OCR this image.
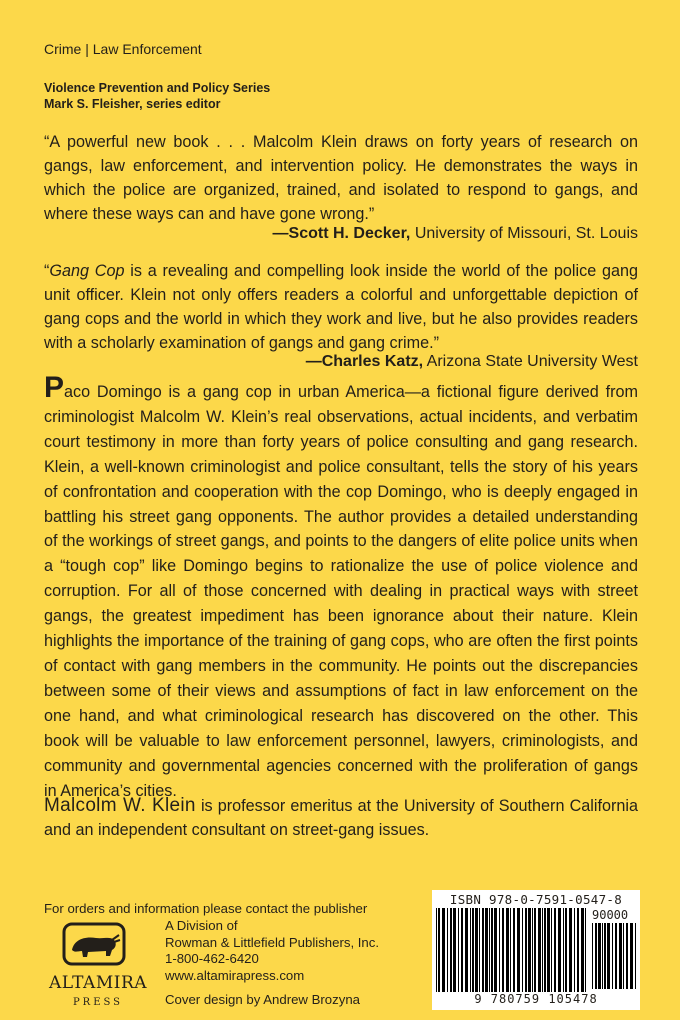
Crime | Law Enforcement
Violence Prevention and Policy Series
Mark S. Fleisher, series editor
“A powerful new book . . . Malcolm Klein draws on forty years of research on gangs, law enforcement, and intervention policy. He demonstrates the ways in which the police are organized, trained, and isolated to respond to gangs, and where these ways can and have gone wrong.”
—Scott H. Decker, University of Missouri, St. Louis
“Gang Cop is a revealing and compelling look inside the world of the police gang unit officer. Klein not only offers readers a colorful and unforgettable depiction of gang cops and the world in which they work and live, but he also provides readers with a scholarly examination of gangs and gang crime.”
—Charles Katz, Arizona State University West
Paco Domingo is a gang cop in urban America—a fictional figure derived from criminologist Malcolm W. Klein’s real observations, actual incidents, and verbatim court testimony in more than forty years of police consulting and gang research. Klein, a well-known criminologist and police consultant, tells the story of his years of confrontation and cooperation with the cop Domingo, who is deeply engaged in battling his street gang opponents. The author provides a detailed understanding of the workings of street gangs, and points to the dangers of elite police units when a “tough cop” like Domingo begins to rationalize the use of police violence and corruption. For all of those concerned with dealing in practical ways with street gangs, the greatest impediment has been ignorance about their nature. Klein highlights the importance of the training of gang cops, who are often the first points of contact with gang members in the community. He points out the discrepancies between some of their views and assumptions of fact in law enforcement on the one hand, and what criminological research has discovered on the other. This book will be valuable to law enforcement personnel, lawyers, criminologists, and community and governmental agencies concerned with the proliferation of gangs in America’s cities.
Malcolm W. Klein is professor emeritus at the University of Southern California and an independent consultant on street-gang issues.
For orders and information please contact the publisher
A Division of
Rowman & Littlefield Publishers, Inc.
1-800-462-6420
www.altamirapress.com
Cover design by Andrew Brozyna
ALTAMIRA
PRESS
ISBN 978-0-7591-0547-8
90000
9 780759 105478
